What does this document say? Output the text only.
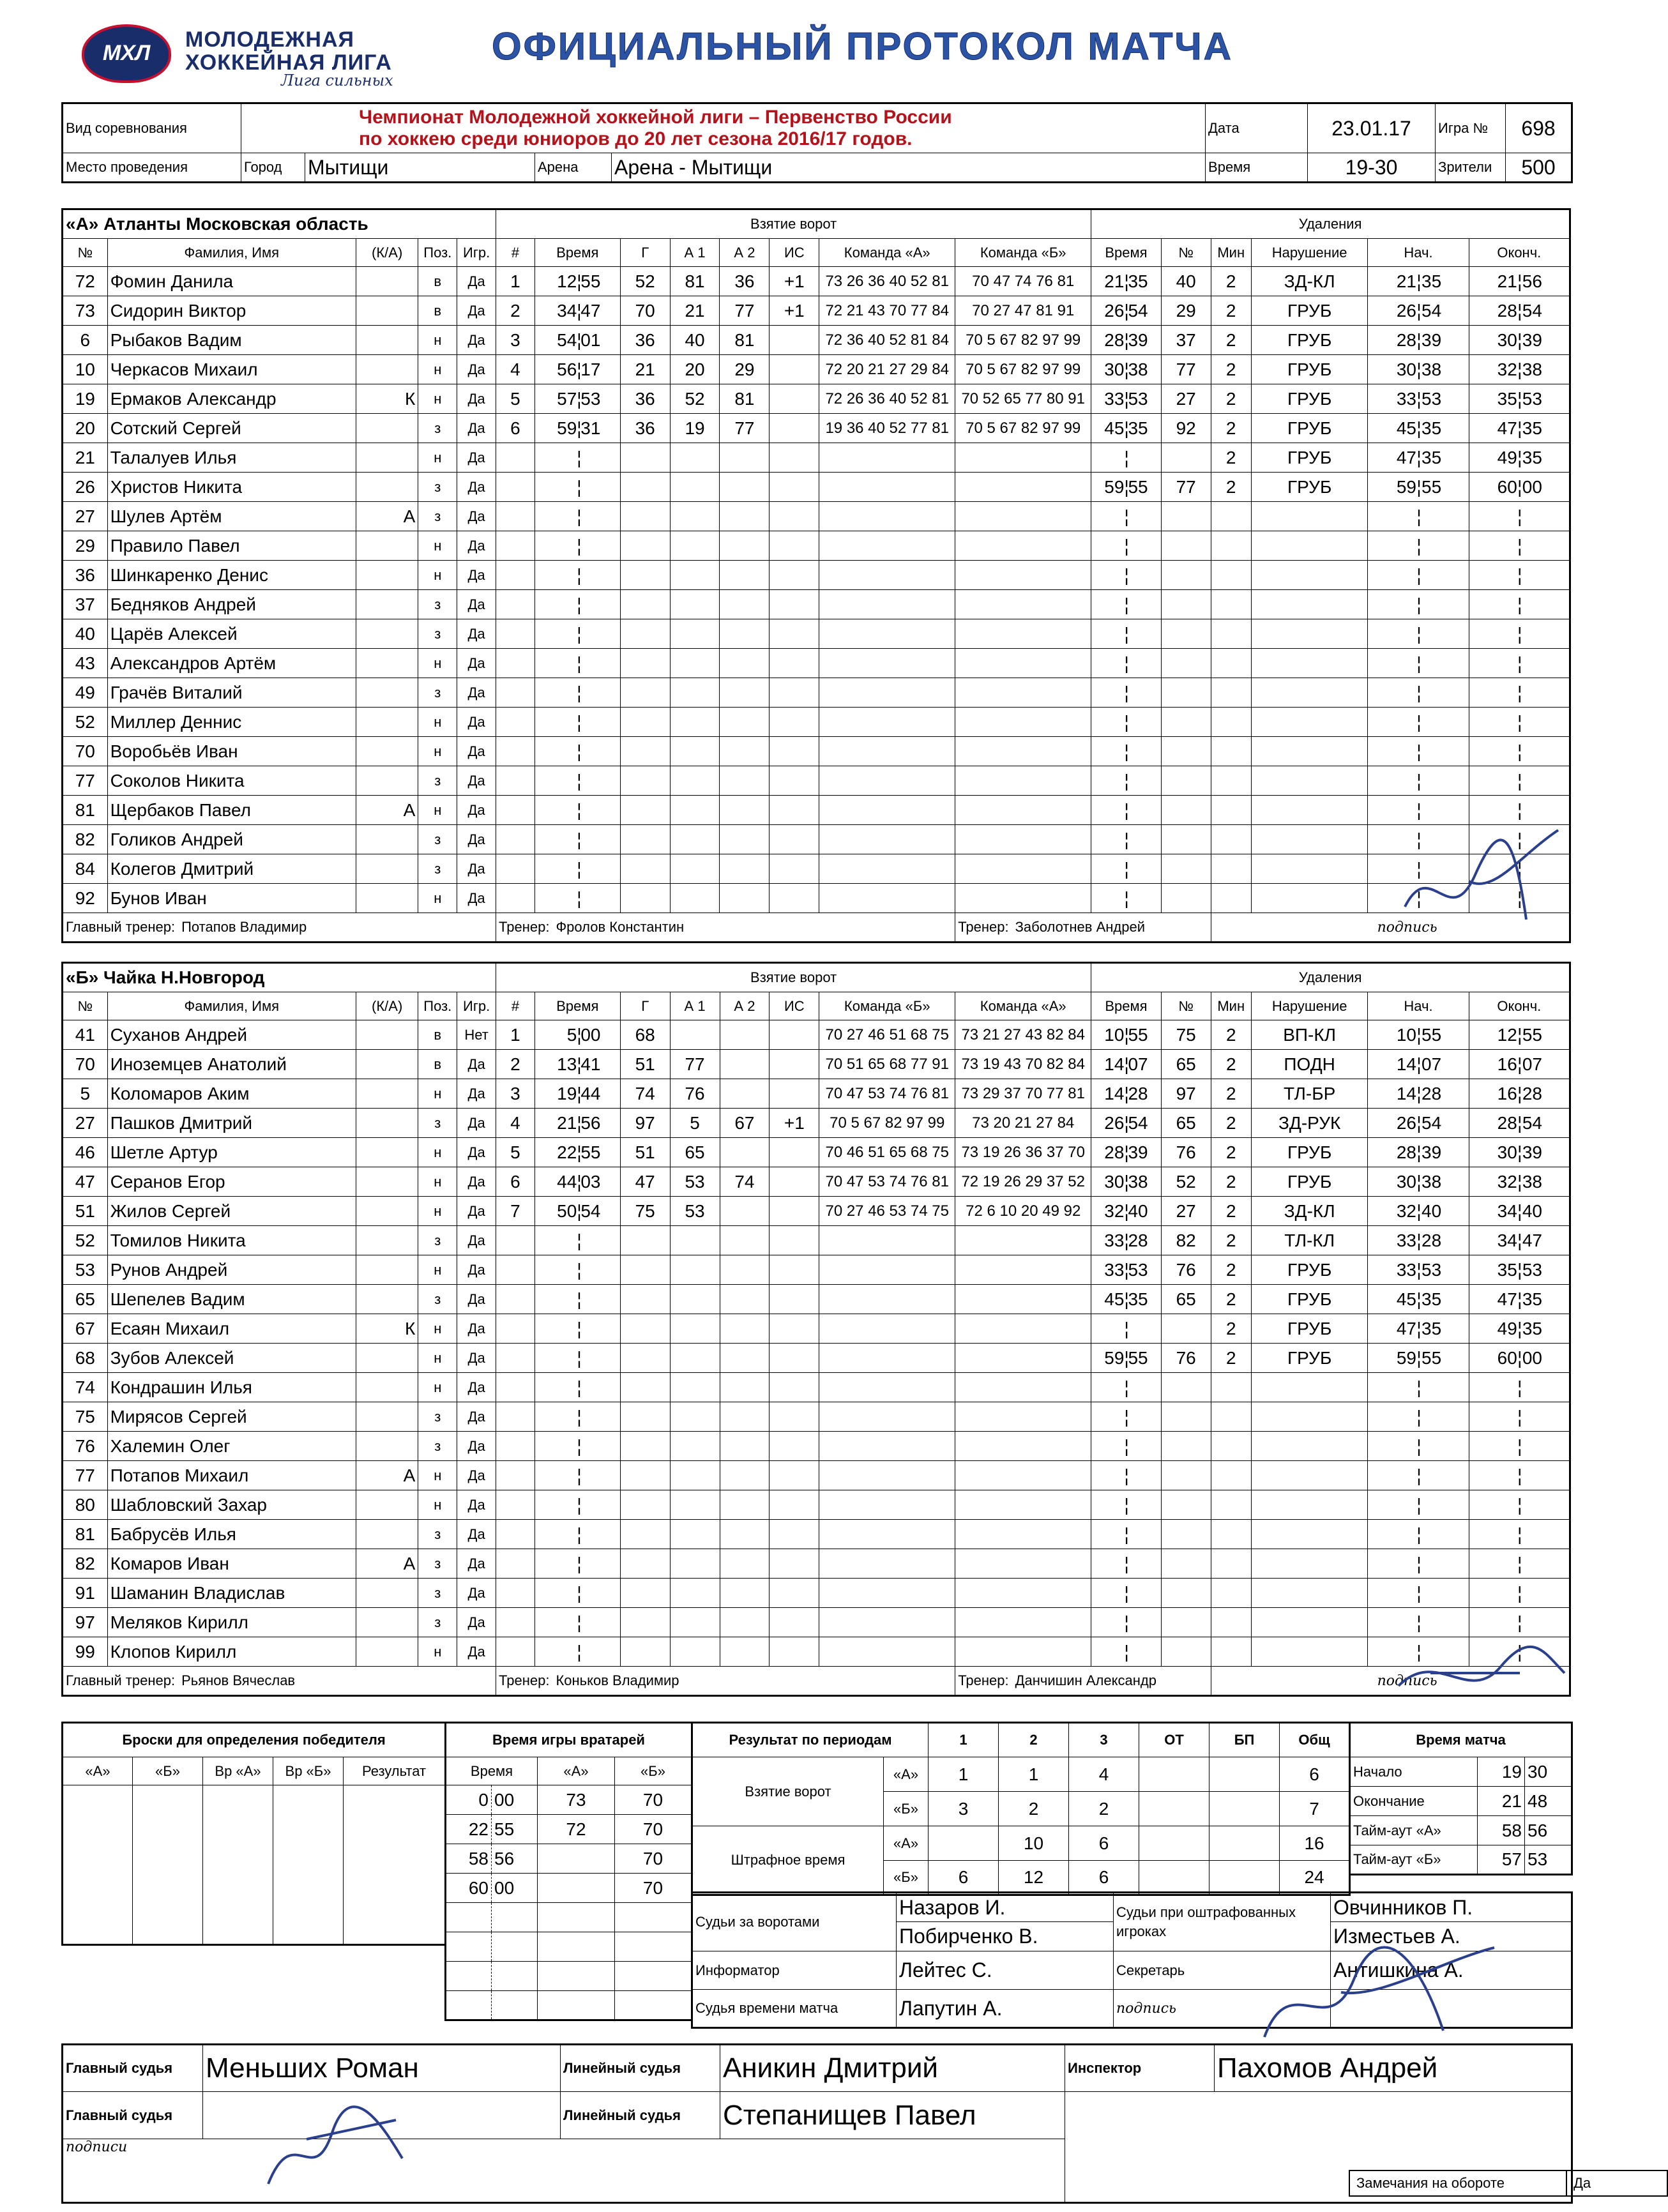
МХЛ
МОЛОДЕЖНАЯ
ХОККЕЙНАЯ ЛИГА
Лига сильных
ОФИЦИАЛЬНЫЙ ПРОТОКОЛ МАТЧА
Вид соревнования	Чемпионат Молодежной хоккейной лиги – Первенство России
по хоккею среди юниоров до 20 лет сезона 2016/17 годов.				Дата	23.01.17	Игра №	698
Место проведения	Город	Мытищи	Арена	Арена - Мытищи	Время	19-30	Зрители	500
«А» Атланты Московская область					Взятие ворот								Удаления					
№	Фамилия, Имя	(К/А)	Поз.	Игр.	#	Время	Г	А 1	А 2	ИС	Команда «А»	Команда «Б»	Время	№	Мин	Нарушение	Нач.	Оконч.
72	Фомин Данила		в	Да	1	12¦55	52	81	36	+1	73 26 36 40 52 81	70 47 74 76 81	21¦35	40	2	ЗД-КЛ	21¦35	21¦56
73	Сидорин Виктор		в	Да	2	34¦47	70	21	77	+1	72 21 43 70 77 84	70 27 47 81 91	26¦54	29	2	ГРУБ	26¦54	28¦54
6	Рыбаков Вадим		н	Да	3	54¦01	36	40	81		72 36 40 52 81 84	70 5 67 82 97 99	28¦39	37	2	ГРУБ	28¦39	30¦39
10	Черкасов Михаил		н	Да	4	56¦17	21	20	29		72 20 21 27 29 84	70 5 67 82 97 99	30¦38	77	2	ГРУБ	30¦38	32¦38
19	Ермаков Александр	К	н	Да	5	57¦53	36	52	81		72 26 36 40 52 81	70 52 65 77 80 91	33¦53	27	2	ГРУБ	33¦53	35¦53
20	Сотский Сергей		з	Да	6	59¦31	36	19	77		19 36 40 52 77 81	70 5 67 82 97 99	45¦35	92	2	ГРУБ	45¦35	47¦35
21	Талалуев Илья		н	Да		¦							¦		2	ГРУБ	47¦35	49¦35
26	Христов Никита		з	Да		¦							59¦55	77	2	ГРУБ	59¦55	60¦00
27	Шулев Артём	А	з	Да		¦							¦				¦	¦
29	Правило Павел		н	Да		¦							¦				¦	¦
36	Шинкаренко Денис		н	Да		¦							¦				¦	¦
37	Бедняков Андрей		з	Да		¦							¦				¦	¦
40	Царёв Алексей		з	Да		¦							¦				¦	¦
43	Александров Артём		н	Да		¦							¦				¦	¦
49	Грачёв Виталий		з	Да		¦							¦				¦	¦
52	Миллер Деннис		н	Да		¦							¦				¦	¦
70	Воробьёв Иван		н	Да		¦							¦				¦	¦
77	Соколов Никита		з	Да		¦							¦				¦	¦
81	Щербаков Павел	А	н	Да		¦							¦				¦	¦
82	Голиков Андрей		з	Да		¦							¦				¦	¦
84	Колегов Дмитрий		з	Да		¦							¦				¦	¦
92	Бунов Иван		н	Да		¦							¦				¦	¦
Главный тренер: Потапов Владимир					Тренер: Фролов Константин							Тренер: Заболотнев Андрей			подпись			
«Б» Чайка Н.Новгород					Взятие ворот								Удаления					
№	Фамилия, Имя	(К/А)	Поз.	Игр.	#	Время	Г	А 1	А 2	ИС	Команда «Б»	Команда «А»	Время	№	Мин	Нарушение	Нач.	Оконч.
41	Суханов Андрей		в	Нет	1	5¦00	68				70 27 46 51 68 75	73 21 27 43 82 84	10¦55	75	2	ВП-КЛ	10¦55	12¦55
70	Иноземцев Анатолий		в	Да	2	13¦41	51	77			70 51 65 68 77 91	73 19 43 70 82 84	14¦07	65	2	ПОДН	14¦07	16¦07
5	Коломаров Аким		н	Да	3	19¦44	74	76			70 47 53 74 76 81	73 29 37 70 77 81	14¦28	97	2	ТЛ-БР	14¦28	16¦28
27	Пашков Дмитрий		з	Да	4	21¦56	97	5	67	+1	70 5 67 82 97 99	73 20 21 27 84	26¦54	65	2	ЗД-РУК	26¦54	28¦54
46	Шетле Артур		н	Да	5	22¦55	51	65			70 46 51 65 68 75	73 19 26 36 37 70	28¦39	76	2	ГРУБ	28¦39	30¦39
47	Серанов Егор		н	Да	6	44¦03	47	53	74		70 47 53 74 76 81	72 19 26 29 37 52	30¦38	52	2	ГРУБ	30¦38	32¦38
51	Жилов Сергей		н	Да	7	50¦54	75	53			70 27 46 53 74 75	72 6 10 20 49 92	32¦40	27	2	ЗД-КЛ	32¦40	34¦40
52	Томилов Никита		з	Да		¦							33¦28	82	2	ТЛ-КЛ	33¦28	34¦47
53	Рунов Андрей		н	Да		¦							33¦53	76	2	ГРУБ	33¦53	35¦53
65	Шепелев Вадим		з	Да		¦							45¦35	65	2	ГРУБ	45¦35	47¦35
67	Есаян Михаил	К	н	Да		¦							¦		2	ГРУБ	47¦35	49¦35
68	Зубов Алексей		н	Да		¦							59¦55	76	2	ГРУБ	59¦55	60¦00
74	Кондрашин Илья		н	Да		¦							¦				¦	¦
75	Мирясов Сергей		з	Да		¦							¦				¦	¦
76	Халемин Олег		з	Да		¦							¦				¦	¦
77	Потапов Михаил	А	н	Да		¦							¦				¦	¦
80	Шабловский Захар		н	Да		¦							¦				¦	¦
81	Бабрусёв Илья		з	Да		¦							¦				¦	¦
82	Комаров Иван	А	з	Да		¦							¦				¦	¦
91	Шаманин Владислав		з	Да		¦							¦				¦	¦
97	Меляков Кирилл		з	Да		¦							¦				¦	¦
99	Клопов Кирилл		н	Да		¦							¦				¦	¦
Главный тренер: Рьянов Вячеслав					Тренер: Коньков Владимир							Тренер: Данчишин Александр			подпись			
Броски для определения победителя				
«А»	«Б»	Вр «А»	Вр «Б»	Результат

Время игры вратарей			
Время		«А»	«Б»
0	00	73	70
22	55	72	70
58	56		70
60	00		70

Результат по периодам		1	2	3	ОТ	БП	Общ
Взятие ворот	«А»	1	1	4			6
	«Б»	3	2	2			7
Штрафное время	«А»		10	6			16
	«Б»	6	12	6			24
Время матча		
Начало	19	30
Окончание	21	48
Тайм-аут «А»	58	56
Тайм-аут «Б»	57	53
Судьи за воротами	Назаров И.	Судьи при оштрафованных игроках	Овчинников П.
	Побирченко В.		Изместьев А.
Информатор	Лейтес С.	Секретарь	Антишкина А.
Судья времени матча	Лапутин А.	подпись	
Главный судья	Меньших Роман	Линейный судья	Аникин Дмитрий	Инспектор	Пахомов Андрей
Главный судья		Линейный судья	Степанищев Павел	Замечания на обороте Да	

подписи					
